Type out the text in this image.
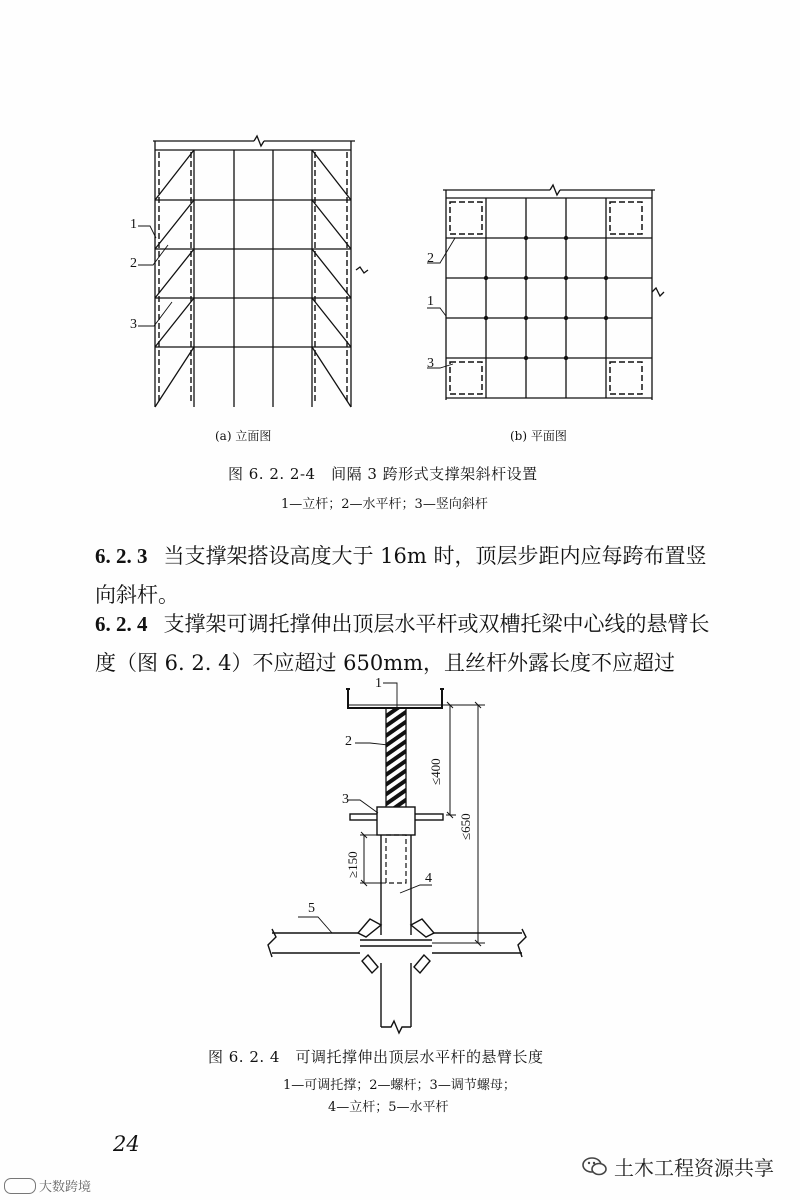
1
2
3
2
1
3
(a) 立面图	(b) 平面图
图 6. 2. 2-4　间隔 3 跨形式支撑架斜杆设置
1—立杆；2—水平杆；3—竖向斜杆
6. 2. 3 当支撑架搭设高度大于 16m 时，顶层步距内应每跨布置竖向斜杆。
6. 2. 4 支撑架可调托撑伸出顶层水平杆或双槽托梁中心线的悬臂长度（图 6. 2. 4）不应超过 650mm，且丝杆外露长度不应超过
1
2
3
4
5
≤400
≤650
≥150
图 6. 2. 4　可调托撑伸出顶层水平杆的悬臂长度
1—可调托撑；2—螺杆；3—调节螺母；
4—立杆；5—水平杆
24
大数跨境
土木工程资源共享
